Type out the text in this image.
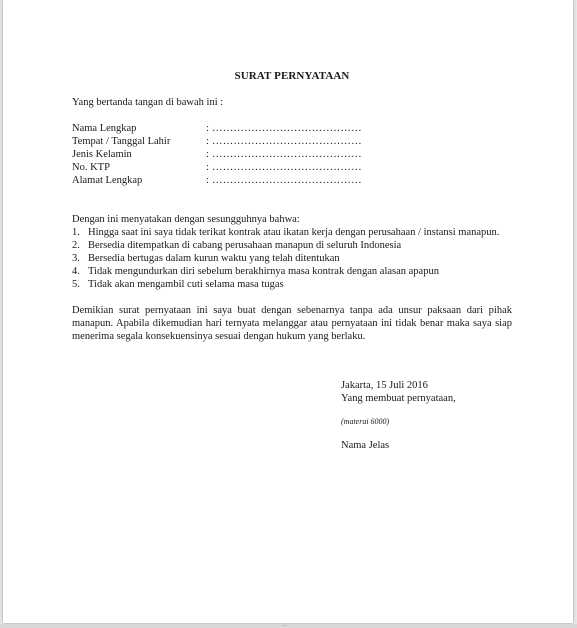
SURAT PERNYATAAN
Yang bertanda tangan di bawah ini :
Nama Lengkap	: ……………………………………
Tempat / Tanggal Lahir	: ……………………………………
Jenis Kelamin	: ……………………………………
No. KTP	: ……………………………………
Alamat Lengkap	: ……………………………………
Dengan ini menyatakan dengan sesungguhnya bahwa:
1. Hingga saat ini saya tidak terikat kontrak atau ikatan kerja dengan perusahaan / instansi manapun.
2. Bersedia ditempatkan di cabang perusahaan manapun di seluruh Indonesia
3. Bersedia bertugas dalam kurun waktu yang telah ditentukan
4. Tidak mengundurkan diri sebelum berakhirnya masa kontrak dengan alasan apapun
5. Tidak akan mengambil cuti selama masa tugas
Demikian surat pernyataan ini saya buat dengan sebenarnya tanpa ada unsur paksaan dari pihak manapun. Apabila dikemudian hari ternyata melanggar atau pernyataan ini tidak benar maka saya siap menerima segala konsekuensinya sesuai dengan hukum yang berlaku.
Jakarta, 15 Juli 2016
Yang membuat pernyataan,
(materai 6000)
Nama Jelas
...
